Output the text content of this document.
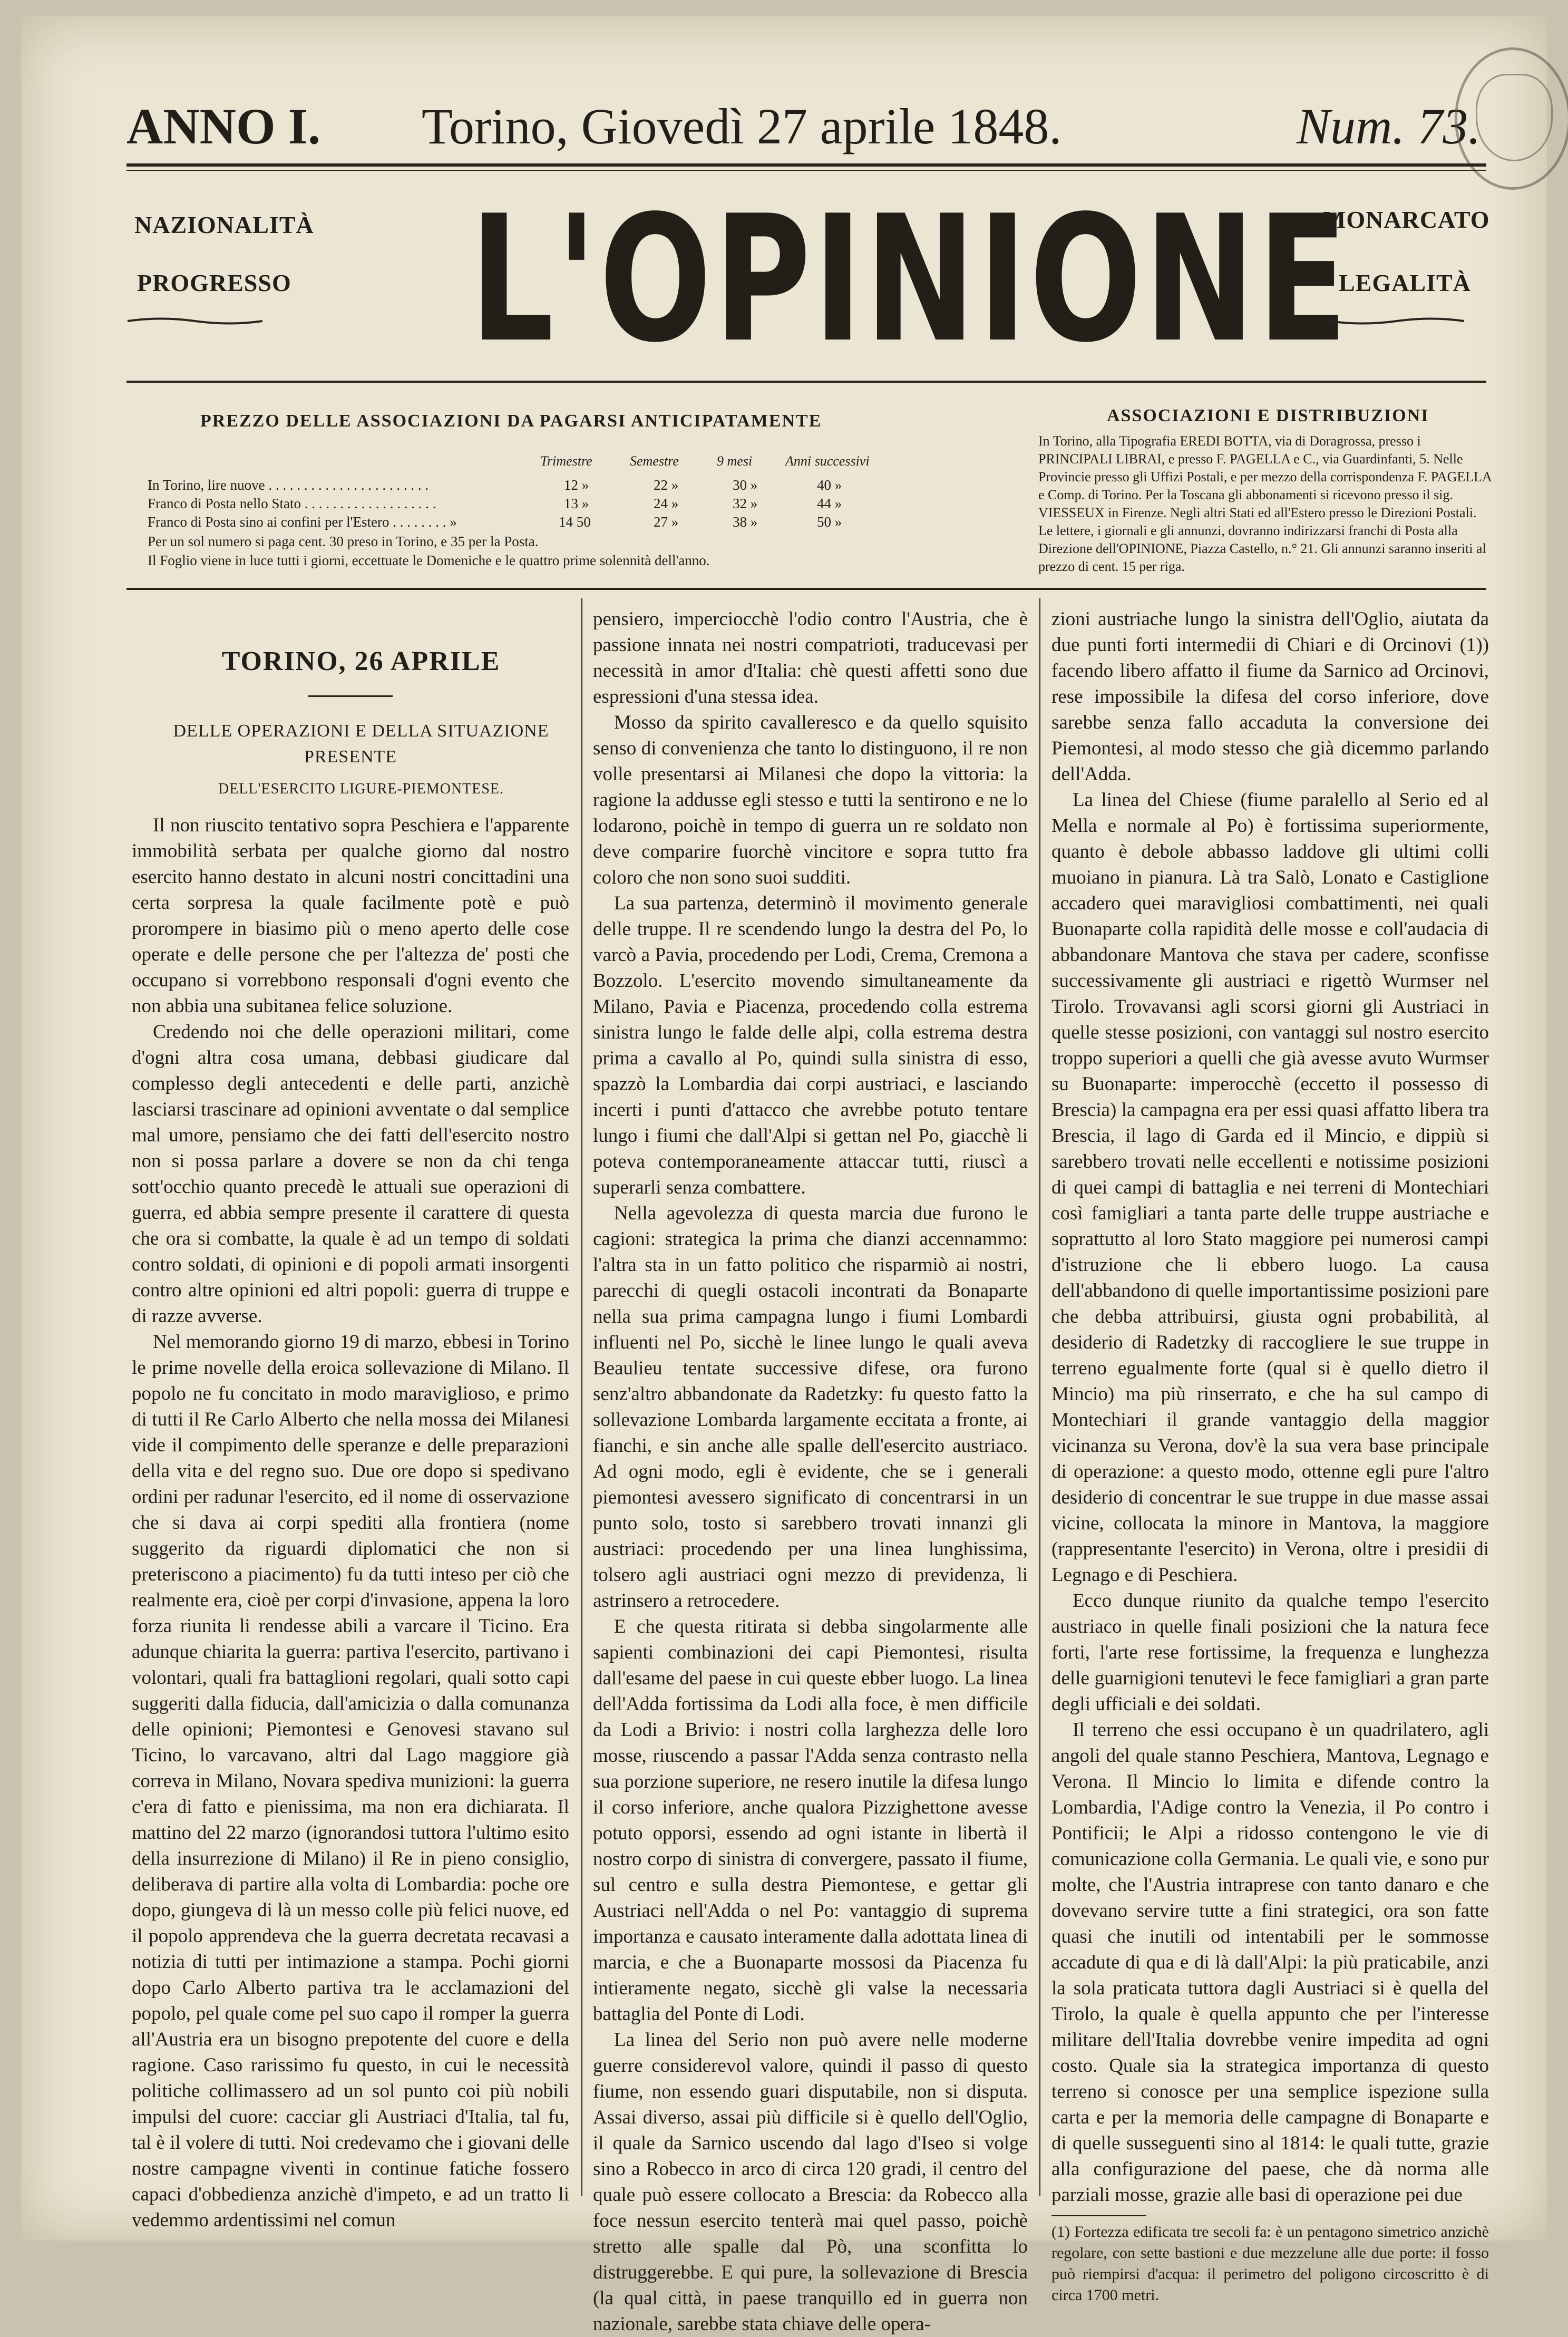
ANNO I. Torino, Giovedì 27 aprile 1848.	Num. 73.
L'OPINIONE
NAZIONALITÀ
PROGRESSO
MONARCATO
LEGALITÀ
PREZZO DELLE ASSOCIAZIONI DA PAGARSI ANTICIPATAMENTE
Trimestre	Semestre	9 mesi Anni successivi
In Torino, lire nuove . . . . . . . . . . . . . . . . . . . . . . .	12 »	22 »	30 »	40 »
Franco di Posta nello Stato . . . . . . . . . . . . . . . . . . .	13 »	24 »	32 »	44 »
Franco di Posta sino ai confini per l'Estero . . . . . . . . »	14 50	27 »	38 »	50 »
Per un sol numero si paga cent. 30 preso in Torino, e 35 per la Posta.
Il Foglio viene in luce tutti i giorni, eccettuate le Domeniche e le quattro prime solennità dell'anno.
ASSOCIAZIONI E DISTRIBUZIONI
In Torino, alla Tipografia EREDI BOTTA, via di Doragrossa, presso i PRINCIPALI LIBRAI, e presso F. PAGELLA e C., via Guardinfanti, 5. Nelle Provincie presso gli Uffizi Postali, e per mezzo della corrispondenza F. PAGELLA e Comp. di Torino. Per la Toscana gli abbonamenti si ricevono presso il sig. VIESSEUX in Firenze. Negli altri Stati ed all'Estero presso le Direzioni Postali. Le lettere, i giornali e gli annunzi, dovranno indirizzarsi franchi di Posta alla Direzione dell'OPINIONE, Piazza Castello, n.° 21. Gli annunzi saranno inseriti al prezzo di cent. 15 per riga.

TORINO, 26 APRILE

DELLE OPERAZIONI E DELLA SITUAZIONE PRESENTE

DELL'ESERCITO LIGURE-PIEMONTESE.

Il non riuscito tentativo sopra Peschiera e l'apparente immobilità serbata per qualche giorno dal nostro esercito hanno destato in alcuni nostri concittadini una certa sorpresa la quale facilmente potè e può prorompere in biasimo più o meno aperto delle cose operate e delle persone che per l'altezza de' posti che occupano si vorrebbono responsali d'ogni evento che non abbia una subitanea felice soluzione.

Credendo noi che delle operazioni militari, come d'ogni altra cosa umana, debbasi giudicare dal complesso degli antecedenti e delle parti, anzichè lasciarsi trascinare ad opinioni avventate o dal semplice mal umore, pensiamo che dei fatti dell'esercito nostro non si possa parlare a dovere se non da chi tenga sott'occhio quanto precedè le attuali sue operazioni di guerra, ed abbia sempre presente il carattere di questa che ora si combatte, la quale è ad un tempo di soldati contro soldati, di opinioni e di popoli armati insorgenti contro altre opinioni ed altri popoli: guerra di truppe e di razze avverse.

Nel memorando giorno 19 di marzo, ebbesi in Torino le prime novelle della eroica sollevazione di Milano. Il popolo ne fu concitato in modo maraviglioso, e primo di tutti il Re Carlo Alberto che nella mossa dei Milanesi vide il compimento delle speranze e delle preparazioni della vita e del regno suo. Due ore dopo si spedivano ordini per radunar l'esercito, ed il nome di osservazione che si dava ai corpi spediti alla frontiera (nome suggerito da riguardi diplomatici che non si preteriscono a piacimento) fu da tutti inteso per ciò che realmente era, cioè per corpi d'invasione, appena la loro forza riunita li rendesse abili a varcare il Ticino. Era adunque chiarita la guerra: partiva l'esercito, partivano i volontari, quali fra battaglioni regolari, quali sotto capi suggeriti dalla fiducia, dall'amicizia o dalla comunanza delle opinioni; Piemontesi e Genovesi stavano sul Ticino, lo varcavano, altri dal Lago maggiore già correva in Milano, Novara spediva munizioni: la guerra c'era di fatto e pienissima, ma non era dichiarata. Il mattino del 22 marzo (ignorandosi tuttora l'ultimo esito della insurrezione di Milano) il Re in pieno consiglio, deliberava di partire alla volta di Lombardia: poche ore dopo, giungeva di là un messo colle più felici nuove, ed il popolo apprendeva che la guerra decretata recavasi a notizia di tutti per intimazione a stampa. Pochi giorni dopo Carlo Alberto partiva tra le acclamazioni del popolo, pel quale come pel suo capo il romper la guerra all'Austria era un bisogno prepotente del cuore e della ragione. Caso rarissimo fu questo, in cui le necessità politiche collimassero ad un sol punto coi più nobili impulsi del cuore: cacciar gli Austriaci d'Italia, tal fu, tal è il volere di tutti. Noi credevamo che i giovani delle nostre campagne viventi in continue fatiche fossero capaci d'obbedienza anzichè d'impeto, e ad un tratto li vedemmo ardentissimi nel comun

pensiero, imperciocchè l'odio contro l'Austria, che è passione innata nei nostri compatrioti, traducevasi per necessità in amor d'Italia: chè questi affetti sono due espressioni d'una stessa idea.

Mosso da spirito cavalleresco e da quello squisito senso di convenienza che tanto lo distinguono, il re non volle presentarsi ai Milanesi che dopo la vittoria: la ragione la addusse egli stesso e tutti la sentirono e ne lo lodarono, poichè in tempo di guerra un re soldato non deve comparire fuorchè vincitore e sopra tutto fra coloro che non sono suoi sudditi.

La sua partenza, determinò il movimento generale delle truppe. Il re scendendo lungo la destra del Po, lo varcò a Pavia, procedendo per Lodi, Crema, Cremona a Bozzolo. L'esercito movendo simultaneamente da Milano, Pavia e Piacenza, procedendo colla estrema sinistra lungo le falde delle alpi, colla estrema destra prima a cavallo al Po, quindi sulla sinistra di esso, spazzò la Lombardia dai corpi austriaci, e lasciando incerti i punti d'attacco che avrebbe potuto tentare lungo i fiumi che dall'Alpi si gettan nel Po, giacchè li poteva contemporaneamente attaccar tutti, riuscì a superarli senza combattere.

Nella agevolezza di questa marcia due furono le cagioni: strategica la prima che dianzi accennammo: l'altra sta in un fatto politico che risparmiò ai nostri, parecchi di quegli ostacoli incontrati da Bonaparte nella sua prima campagna lungo i fiumi Lombardi influenti nel Po, sicchè le linee lungo le quali aveva Beaulieu tentate successive difese, ora furono senz'altro abbandonate da Radetzky: fu questo fatto la sollevazione Lombarda largamente eccitata a fronte, ai fianchi, e sin anche alle spalle dell'esercito austriaco. Ad ogni modo, egli è evidente, che se i generali piemontesi avessero significato di concentrarsi in un punto solo, tosto si sarebbero trovati innanzi gli austriaci: procedendo per una linea lunghissima, tolsero agli austriaci ogni mezzo di previdenza, li astrinsero a retrocedere.

E che questa ritirata si debba singolarmente alle sapienti combinazioni dei capi Piemontesi, risulta dall'esame del paese in cui queste ebber luogo. La linea dell'Adda fortissima da Lodi alla foce, è men difficile da Lodi a Brivio: i nostri colla larghezza delle loro mosse, riuscendo a passar l'Adda senza contrasto nella sua porzione superiore, ne resero inutile la difesa lungo il corso inferiore, anche qualora Pizzighettone avesse potuto opporsi, essendo ad ogni istante in libertà il nostro corpo di sinistra di convergere, passato il fiume, sul centro e sulla destra Piemontese, e gettar gli Austriaci nell'Adda o nel Po: vantaggio di suprema importanza e causato interamente dalla adottata linea di marcia, e che a Buonaparte mossosi da Piacenza fu intieramente negato, sicchè gli valse la necessaria battaglia del Ponte di Lodi.

La linea del Serio non può avere nelle moderne guerre considerevol valore, quindi il passo di questo fiume, non essendo guari disputabile, non si disputa. Assai diverso, assai più difficile si è quello dell'Oglio, il quale da Sarnico uscendo dal lago d'Iseo si volge sino a Robecco in arco di circa 120 gradi, il centro del quale può essere collocato a Brescia: da Robecco alla foce nessun esercito tenterà mai quel passo, poichè stretto alle spalle dal Pò, una sconfitta lo distruggerebbe. E qui pure, la sollevazione di Brescia (la qual città, in paese tranquillo ed in guerra non nazionale, sarebbe stata chiave delle opera-

zioni austriache lungo la sinistra dell'Oglio, aiutata da due punti forti intermedii di Chiari e di Orcinovi (1)) facendo libero affatto il fiume da Sarnico ad Orcinovi, rese impossibile la difesa del corso inferiore, dove sarebbe senza fallo accaduta la conversione dei Piemontesi, al modo stesso che già dicemmo parlando dell'Adda.

La linea del Chiese (fiume paralello al Serio ed al Mella e normale al Po) è fortissima superiormente, quanto è debole abbasso laddove gli ultimi colli muoiano in pianura. Là tra Salò, Lonato e Castiglione accadero quei maravigliosi combattimenti, nei quali Buonaparte colla rapidità delle mosse e coll'audacia di abbandonare Mantova che stava per cadere, sconfisse successivamente gli austriaci e rigettò Wurmser nel Tirolo. Trovavansi agli scorsi giorni gli Austriaci in quelle stesse posizioni, con vantaggi sul nostro esercito troppo superiori a quelli che già avesse avuto Wurmser su Buonaparte: imperocchè (eccetto il possesso di Brescia) la campagna era per essi quasi affatto libera tra Brescia, il lago di Garda ed il Mincio, e dippiù si sarebbero trovati nelle eccellenti e notissime posizioni di quei campi di battaglia e nei terreni di Montechiari così famigliari a tanta parte delle truppe austriache e soprattutto al loro Stato maggiore pei numerosi campi d'istruzione che li ebbero luogo. La causa dell'abbandono di quelle importantissime posizioni pare che debba attribuirsi, giusta ogni probabilità, al desiderio di Radetzky di raccogliere le sue truppe in terreno egualmente forte (qual si è quello dietro il Mincio) ma più rinserrato, e che ha sul campo di Montechiari il grande vantaggio della maggior vicinanza su Verona, dov'è la sua vera base principale di operazione: a questo modo, ottenne egli pure l'altro desiderio di concentrar le sue truppe in due masse assai vicine, collocata la minore in Mantova, la maggiore (rappresentante l'esercito) in Verona, oltre i presidii di Legnago e di Peschiera.

Ecco dunque riunito da qualche tempo l'esercito austriaco in quelle finali posizioni che la natura fece forti, l'arte rese fortissime, la frequenza e lunghezza delle guarnigioni tenutevi le fece famigliari a gran parte degli ufficiali e dei soldati.

Il terreno che essi occupano è un quadrilatero, agli angoli del quale stanno Peschiera, Mantova, Legnago e Verona. Il Mincio lo limita e difende contro la Lombardia, l'Adige contro la Venezia, il Po contro i Pontificii; le Alpi a ridosso contengono le vie di comunicazione colla Germania. Le quali vie, e sono pur molte, che l'Austria intraprese con tanto danaro e che dovevano servire tutte a fini strategici, ora son fatte quasi che inutili od intentabili per le sommosse accadute di qua e di là dall'Alpi: la più praticabile, anzi la sola praticata tuttora dagli Austriaci si è quella del Tirolo, la quale è quella appunto che per l'interesse militare dell'Italia dovrebbe venire impedita ad ogni costo. Quale sia la strategica importanza di questo terreno si conosce per una semplice ispezione sulla carta e per la memoria delle campagne di Bonaparte e di quelle susseguenti sino al 1814: le quali tutte, grazie alla configurazione del paese, che dà norma alle parziali mosse, grazie alle basi di operazione pei due

(1) Fortezza edificata tre secoli fa: è un pentagono simetrico anzichè regolare, con sette bastioni e due mezzelune alle due porte: il fosso può riempirsi d'acqua: il perimetro del poligono circoscritto è di circa 1700 metri.
